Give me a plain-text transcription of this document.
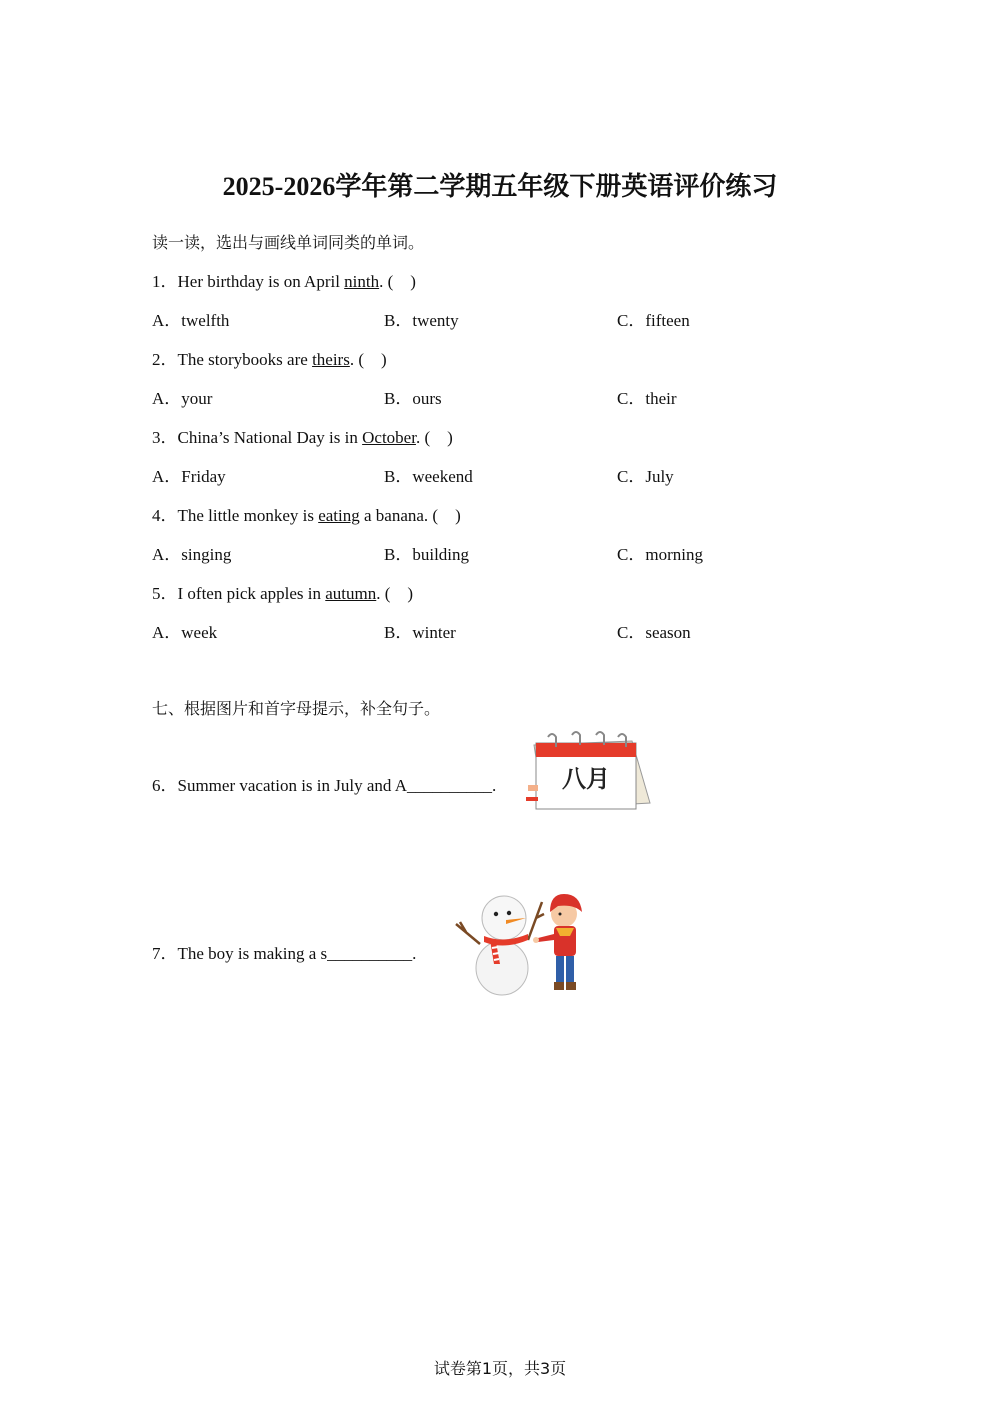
2025-2026学年第二学期五年级下册英语评价练习
读一读，选出与画线单词同类的单词。
1．Her birthday is on April ninth. (    )
A．twelfth	B．twenty	C．fifteen
2．The storybooks are theirs. (    )
A．your	B．ours	C．their
3．China’s National Day is in October. (    )
A．Friday	B．weekend	C．July
4．The little monkey is eating a banana. (    )
A．singing	B．building	C．morning
5．I often pick apples in autumn. (    )
A．week	B．winter	C．season
七、根据图片和首字母提示，补全句子。
6．Summer vacation is in July and A__________.	八月
7．The boy is making a s__________.
试卷第1页，共3页
